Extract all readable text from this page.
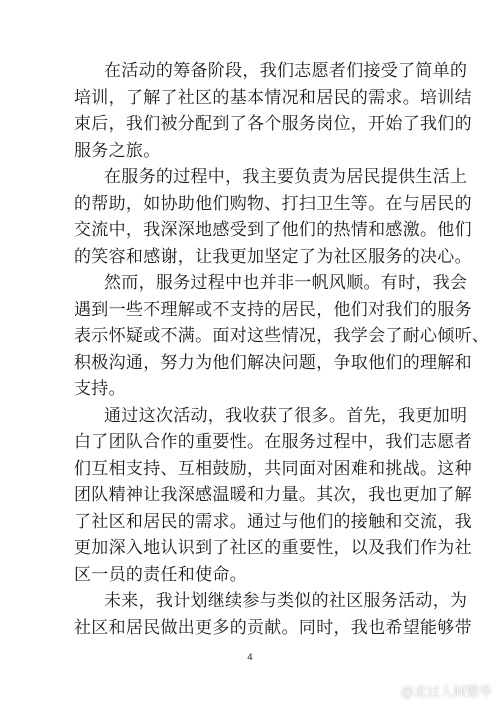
在活动的筹备阶段，我们志愿者们接受了简单的
培训，了解了社区的基本情况和居民的需求。培训结
束后，我们被分配到了各个服务岗位，开始了我们的
服务之旅。
在服务的过程中，我主要负责为居民提供生活上
的帮助，如协助他们购物、打扫卫生等。在与居民的
交流中，我深深地感受到了他们的热情和感激。他们
的笑容和感谢，让我更加坚定了为社区服务的决心。
然而，服务过程中也并非一帆风顺。有时，我会
遇到一些不理解或不支持的居民，他们对我们的服务
表示怀疑或不满。面对这些情况，我学会了耐心倾听、
积极沟通，努力为他们解决问题，争取他们的理解和
支持。
通过这次活动，我收获了很多。首先，我更加明
白了团队合作的重要性。在服务过程中，我们志愿者
们互相支持、互相鼓励，共同面对困难和挑战。这种
团队精神让我深感温暖和力量。其次，我也更加了解
了社区和居民的需求。通过与他们的接触和交流，我
更加深入地认识到了社区的重要性，以及我们作为社
区一员的责任和使命。
未来，我计划继续参与类似的社区服务活动，为
社区和居民做出更多的贡献。同时，我也希望能够带
4
@走过人间繁华
